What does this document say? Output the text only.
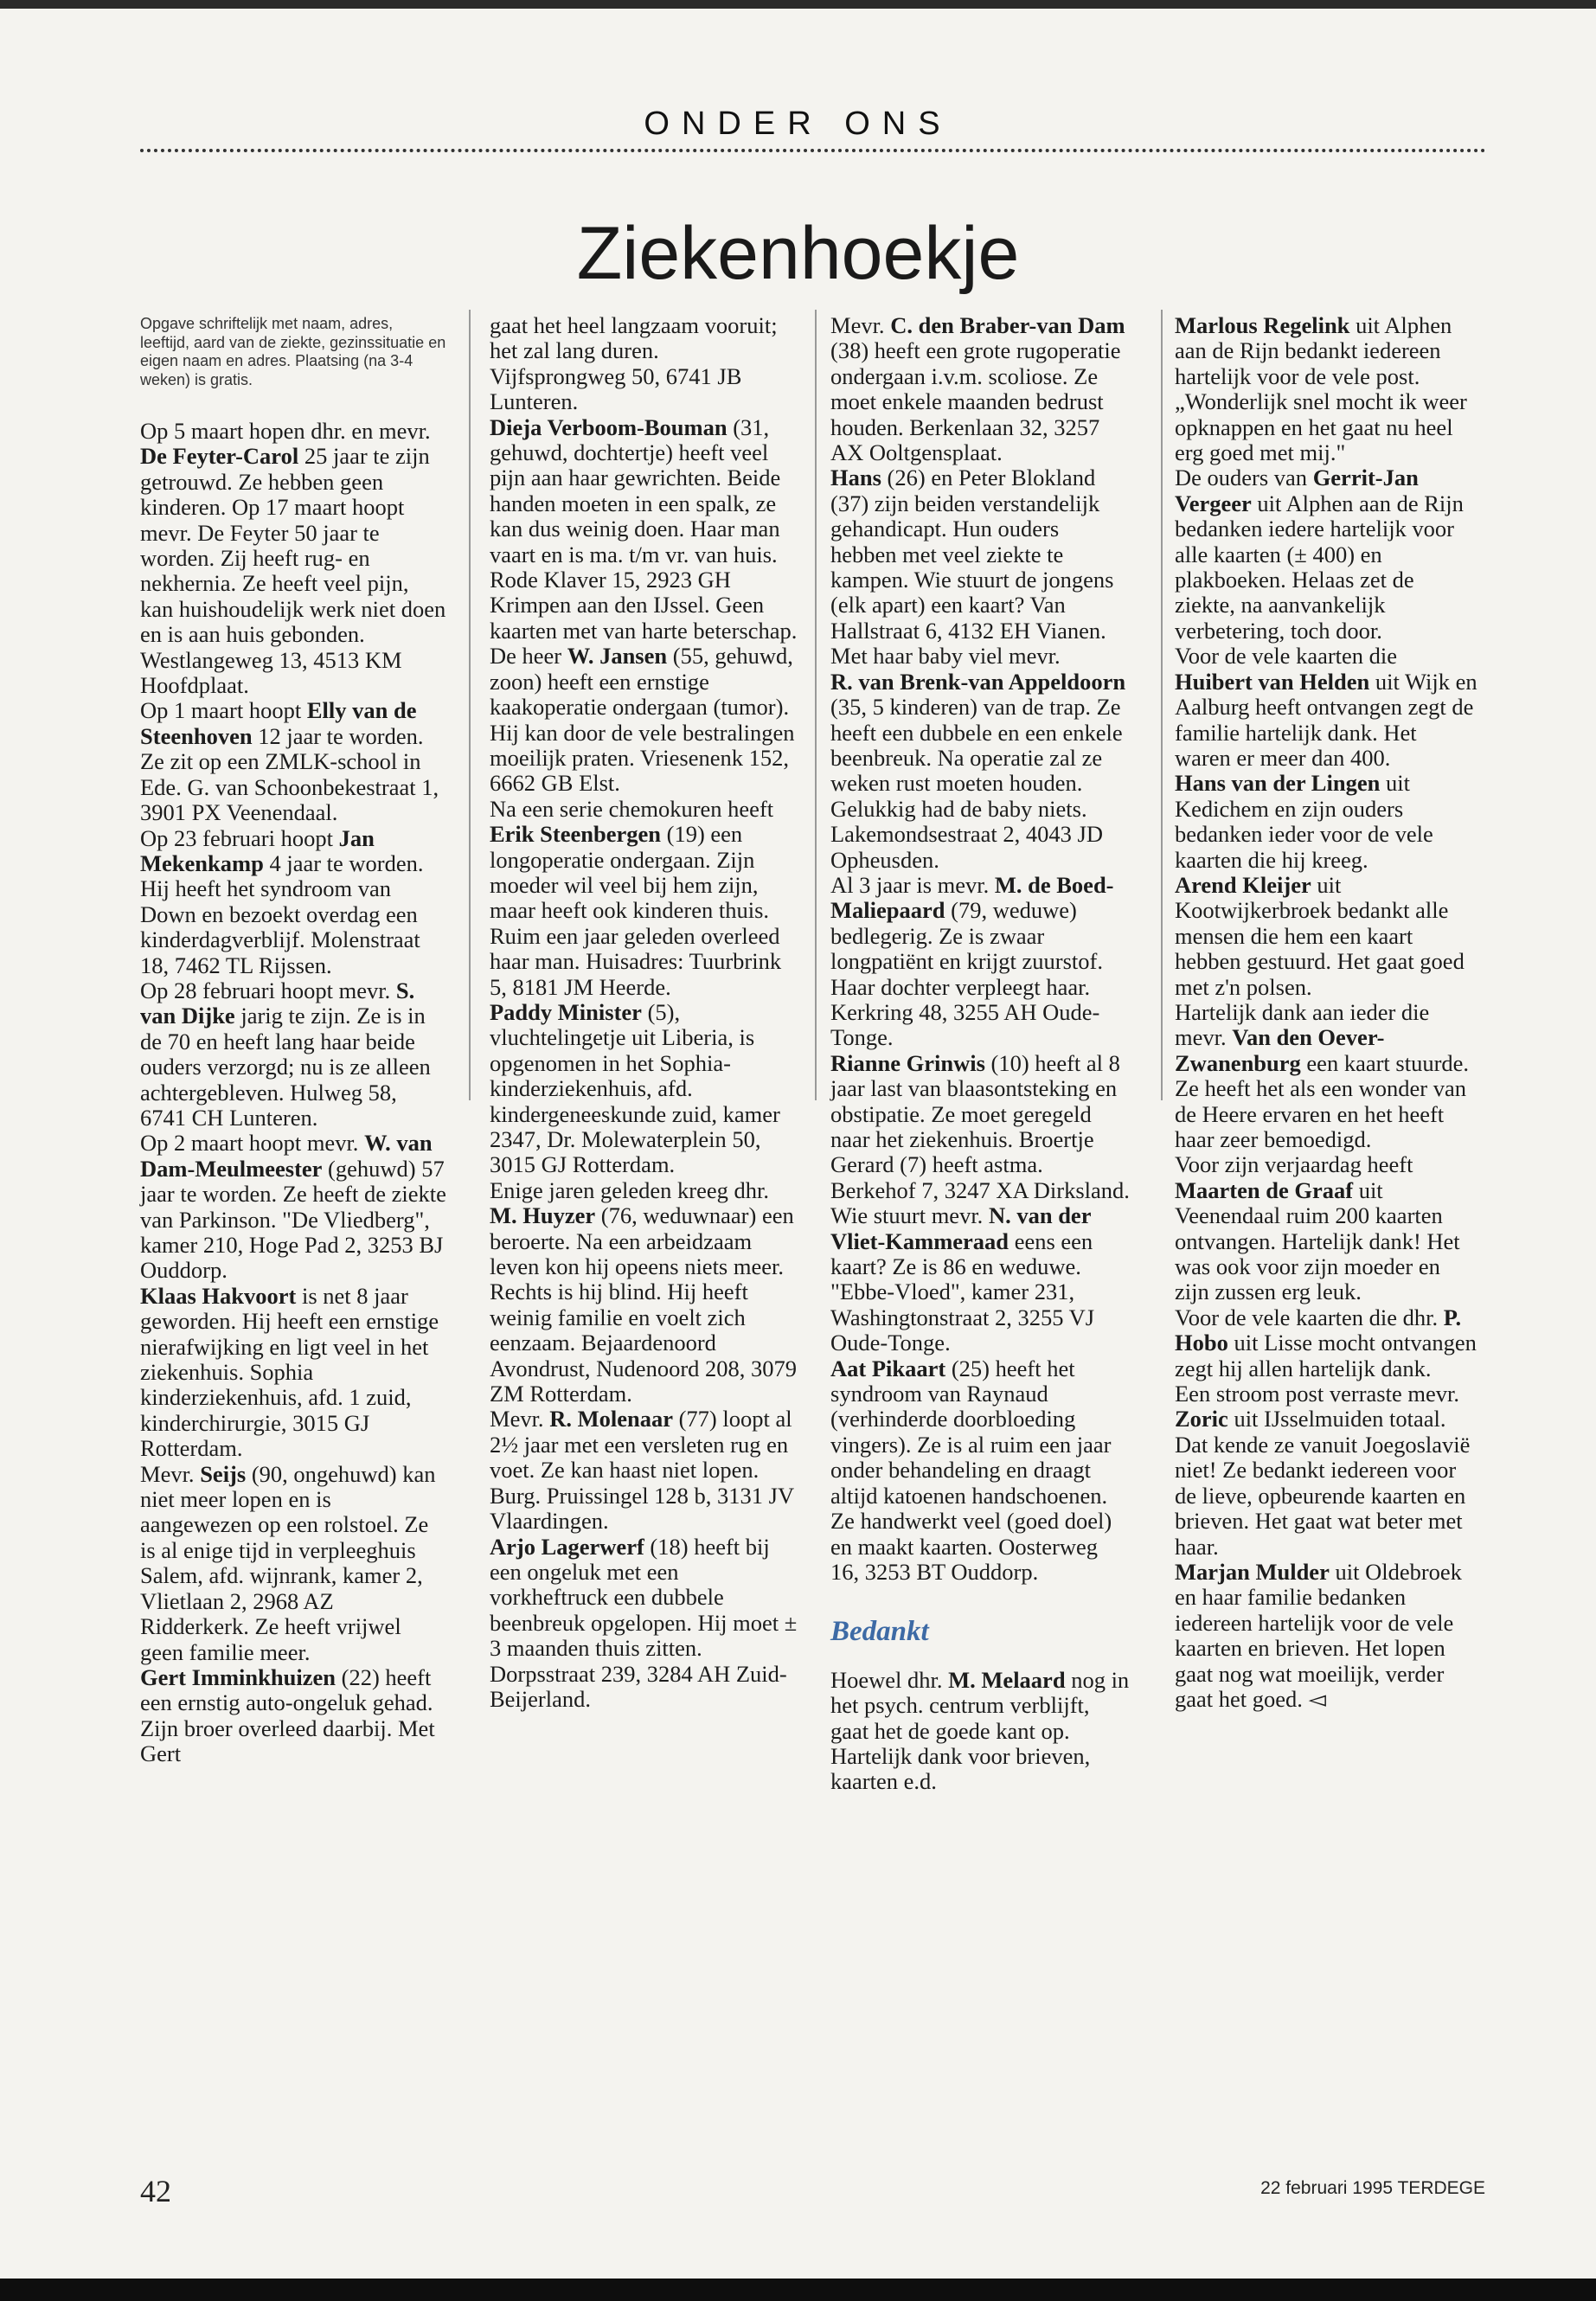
ONDER ONS
Ziekenhoekje

Opgave schriftelijk met naam, adres, leeftijd, aard van de ziekte, gezinssituatie en eigen naam en adres. Plaatsing (na 3-4 weken) is gratis.

Op 5 maart hopen dhr. en mevr. De Feyter-Carol 25 jaar te zijn getrouwd. Ze hebben geen kinderen. Op 17 maart hoopt mevr. De Feyter 50 jaar te worden. Zij heeft rug- en nekhernia. Ze heeft veel pijn, kan huishoudelijk werk niet doen en is aan huis gebonden. Westlangeweg 13, 4513 KM Hoofdplaat.

Op 1 maart hoopt Elly van de Steenhoven 12 jaar te worden. Ze zit op een ZMLK-school in Ede. G. van Schoonbekestraat 1, 3901 PX Veenendaal.

Op 23 februari hoopt Jan Mekenkamp 4 jaar te worden. Hij heeft het syndroom van Down en bezoekt overdag een kinderdagverblijf. Molenstraat 18, 7462 TL Rijssen.

Op 28 februari hoopt mevr. S. van Dijke jarig te zijn. Ze is in de 70 en heeft lang haar beide ouders verzorgd; nu is ze alleen achtergebleven. Hulweg 58, 6741 CH Lunteren.

Op 2 maart hoopt mevr. W. van Dam-Meulmeester (gehuwd) 57 jaar te worden. Ze heeft de ziekte van Parkinson. "De Vliedberg", kamer 210, Hoge Pad 2, 3253 BJ Ouddorp.

Klaas Hakvoort is net 8 jaar geworden. Hij heeft een ernstige nierafwijking en ligt veel in het ziekenhuis. Sophia kinderziekenhuis, afd. 1 zuid, kinderchirurgie, 3015 GJ Rotterdam.

Mevr. Seijs (90, ongehuwd) kan niet meer lopen en is aangewezen op een rolstoel. Ze is al enige tijd in verpleeghuis Salem, afd. wijnrank, kamer 2, Vlietlaan 2, 2968 AZ Ridderkerk. Ze heeft vrijwel geen familie meer.

Gert Imminkhuizen (22) heeft een ernstig auto-ongeluk gehad. Zijn broer overleed daarbij. Met Gert

gaat het heel langzaam vooruit; het zal lang duren. Vijfsprongweg 50, 6741 JB Lunteren.

Dieja Verboom-Bouman (31, gehuwd, dochtertje) heeft veel pijn aan haar gewrichten. Beide handen moeten in een spalk, ze kan dus weinig doen. Haar man vaart en is ma. t/m vr. van huis. Rode Klaver 15, 2923 GH Krimpen aan den IJssel. Geen kaarten met van harte beterschap.

De heer W. Jansen (55, gehuwd, zoon) heeft een ernstige kaakoperatie ondergaan (tumor). Hij kan door de vele bestralingen moeilijk praten. Vriesenenk 152, 6662 GB Elst.

Na een serie chemokuren heeft Erik Steenbergen (19) een longoperatie ondergaan. Zijn moeder wil veel bij hem zijn, maar heeft ook kinderen thuis. Ruim een jaar geleden overleed haar man. Huisadres: Tuurbrink 5, 8181 JM Heerde.

Paddy Minister (5), vluchtelingetje uit Liberia, is opgenomen in het Sophia-kinderziekenhuis, afd. kindergeneeskunde zuid, kamer 2347, Dr. Molewaterplein 50, 3015 GJ Rotterdam.

Enige jaren geleden kreeg dhr. M. Huyzer (76, weduwnaar) een beroerte. Na een arbeidzaam leven kon hij opeens niets meer. Rechts is hij blind. Hij heeft weinig familie en voelt zich eenzaam. Bejaardenoord Avondrust, Nudenoord 208, 3079 ZM Rotterdam.

Mevr. R. Molenaar (77) loopt al 2½ jaar met een versleten rug en voet. Ze kan haast niet lopen. Burg. Pruissingel 128 b, 3131 JV Vlaardingen.

Arjo Lagerwerf (18) heeft bij een ongeluk met een vorkheftruck een dubbele beenbreuk opgelopen. Hij moet ± 3 maanden thuis zitten. Dorpsstraat 239, 3284 AH Zuid-Beijerland.

Mevr. C. den Braber-van Dam (38) heeft een grote rugoperatie ondergaan i.v.m. scoliose. Ze moet enkele maanden bedrust houden. Berkenlaan 32, 3257 AX Ooltgensplaat.

Hans (26) en Peter Blokland (37) zijn beiden verstandelijk gehandicapt. Hun ouders hebben met veel ziekte te kampen. Wie stuurt de jongens (elk apart) een kaart? Van Hallstraat 6, 4132 EH Vianen. Met haar baby viel mevr.

R. van Brenk-van Appeldoorn (35, 5 kinderen) van de trap. Ze heeft een dubbele en een enkele beenbreuk. Na operatie zal ze weken rust moeten houden. Gelukkig had de baby niets. Lakemondsestraat 2, 4043 JD Opheusden.

Al 3 jaar is mevr. M. de Boed-Maliepaard (79, weduwe) bedlegerig. Ze is zwaar longpatiënt en krijgt zuurstof. Haar dochter verpleegt haar. Kerkring 48, 3255 AH Oude-Tonge.

Rianne Grinwis (10) heeft al 8 jaar last van blaasontsteking en obstipatie. Ze moet geregeld naar het ziekenhuis. Broertje Gerard (7) heeft astma. Berkehof 7, 3247 XA Dirksland.

Wie stuurt mevr. N. van der Vliet-Kammeraad eens een kaart? Ze is 86 en weduwe. "Ebbe-Vloed", kamer 231, Washingtonstraat 2, 3255 VJ Oude-Tonge.

Aat Pikaart (25) heeft het syndroom van Raynaud (verhinderde doorbloeding vingers). Ze is al ruim een jaar onder behandeling en draagt altijd katoenen handschoenen. Ze handwerkt veel (goed doel) en maakt kaarten. Oosterweg 16, 3253 BT Ouddorp.

Bedankt

Hoewel dhr. M. Melaard nog in het psych. centrum verblijft, gaat het de goede kant op. Hartelijk dank voor brieven, kaarten e.d.

Marlous Regelink uit Alphen aan de Rijn bedankt iedereen hartelijk voor de vele post. „Wonderlijk snel mocht ik weer opknappen en het gaat nu heel erg goed met mij."

De ouders van Gerrit-Jan Vergeer uit Alphen aan de Rijn bedanken iedere hartelijk voor alle kaarten (± 400) en plakboeken. Helaas zet de ziekte, na aanvankelijk verbetering, toch door.

Voor de vele kaarten die Huibert van Helden uit Wijk en Aalburg heeft ontvangen zegt de familie hartelijk dank. Het waren er meer dan 400.

Hans van der Lingen uit Kedichem en zijn ouders bedanken ieder voor de vele kaarten die hij kreeg.

Arend Kleijer uit Kootwijkerbroek bedankt alle mensen die hem een kaart hebben gestuurd. Het gaat goed met z'n polsen.

Hartelijk dank aan ieder die mevr. Van den Oever-Zwanenburg een kaart stuurde. Ze heeft het als een wonder van de Heere ervaren en het heeft haar zeer bemoedigd.

Voor zijn verjaardag heeft Maarten de Graaf uit Veenendaal ruim 200 kaarten ontvangen. Hartelijk dank! Het was ook voor zijn moeder en zijn zussen erg leuk.

Voor de vele kaarten die dhr. P. Hobo uit Lisse mocht ontvangen zegt hij allen hartelijk dank.

Een stroom post verraste mevr. Zoric uit IJsselmuiden totaal. Dat kende ze vanuit Joegoslavië niet! Ze bedankt iedereen voor de lieve, opbeurende kaarten en brieven. Het gaat wat beter met haar.

Marjan Mulder uit Oldebroek en haar familie bedanken iedereen hartelijk voor de vele kaarten en brieven. Het lopen gaat nog wat moeilijk, verder gaat het goed. ◅

42	22 februari 1995 TERDEGE
